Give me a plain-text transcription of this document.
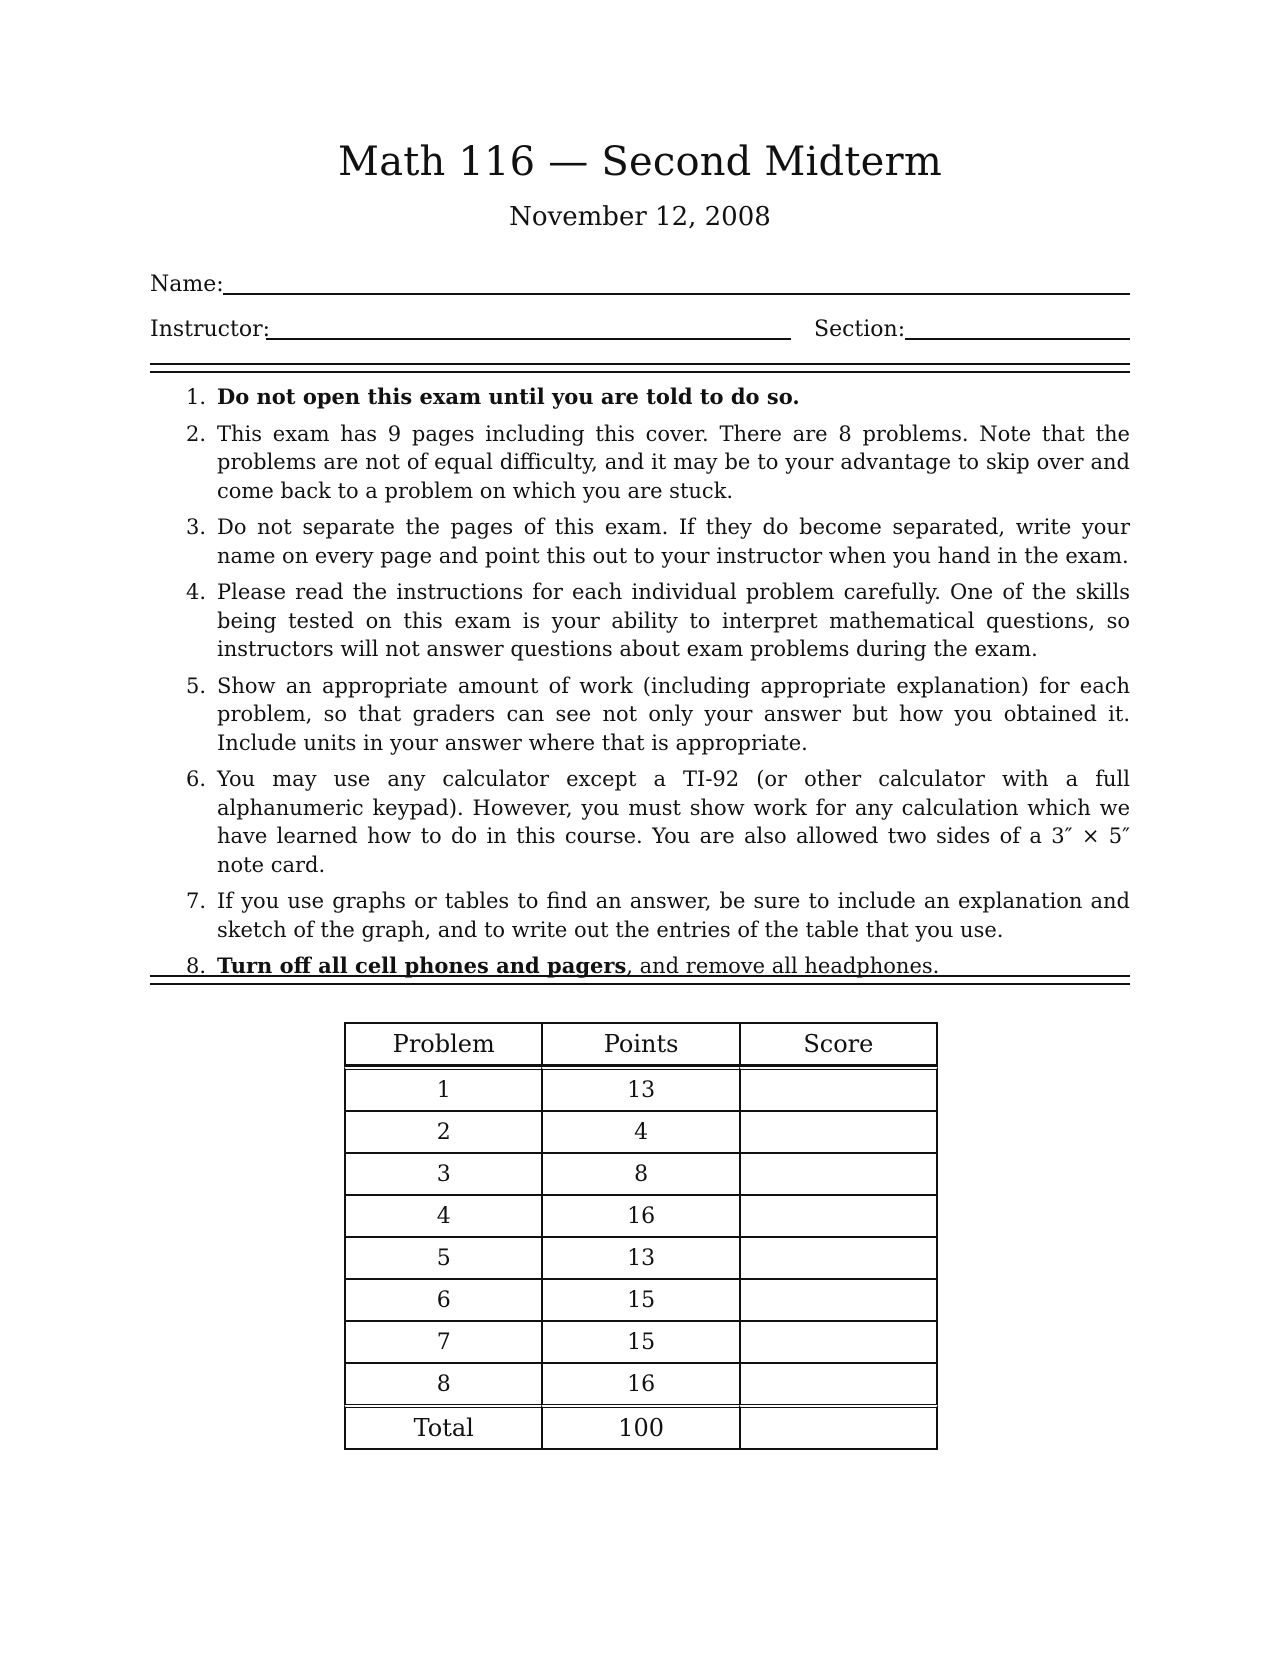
Math 116 — Second Midterm
November 12, 2008
Name:
Instructor:	Section:
1. Do not open this exam until you are told to do so.
2. This exam has 9 pages including this cover. There are 8 problems. Note that the problems are not of equal difficulty, and it may be to your advantage to skip over and come back to a problem on which you are stuck.
3. Do not separate the pages of this exam. If they do become separated, write your name on every page and point this out to your instructor when you hand in the exam.
4. Please read the instructions for each individual problem carefully. One of the skills being tested on this exam is your ability to interpret mathematical questions, so instructors will not answer questions about exam problems during the exam.
5. Show an appropriate amount of work (including appropriate explanation) for each problem, so that graders can see not only your answer but how you obtained it. Include units in your answer where that is appropriate.
6. You may use any calculator except a TI-92 (or other calculator with a full alphanumeric keypad). However, you must show work for any calculation which we have learned how to do in this course. You are also allowed two sides of a 3″ × 5″ note card.
7. If you use graphs or tables to find an answer, be sure to include an explanation and sketch of the graph, and to write out the entries of the table that you use.
8. Turn off all cell phones and pagers, and remove all headphones.
Problem	Points	Score
1	13	
2	4	
3	8	
4	16	
5	13	
6	15	
7	15	
8	16	
Total	100	
